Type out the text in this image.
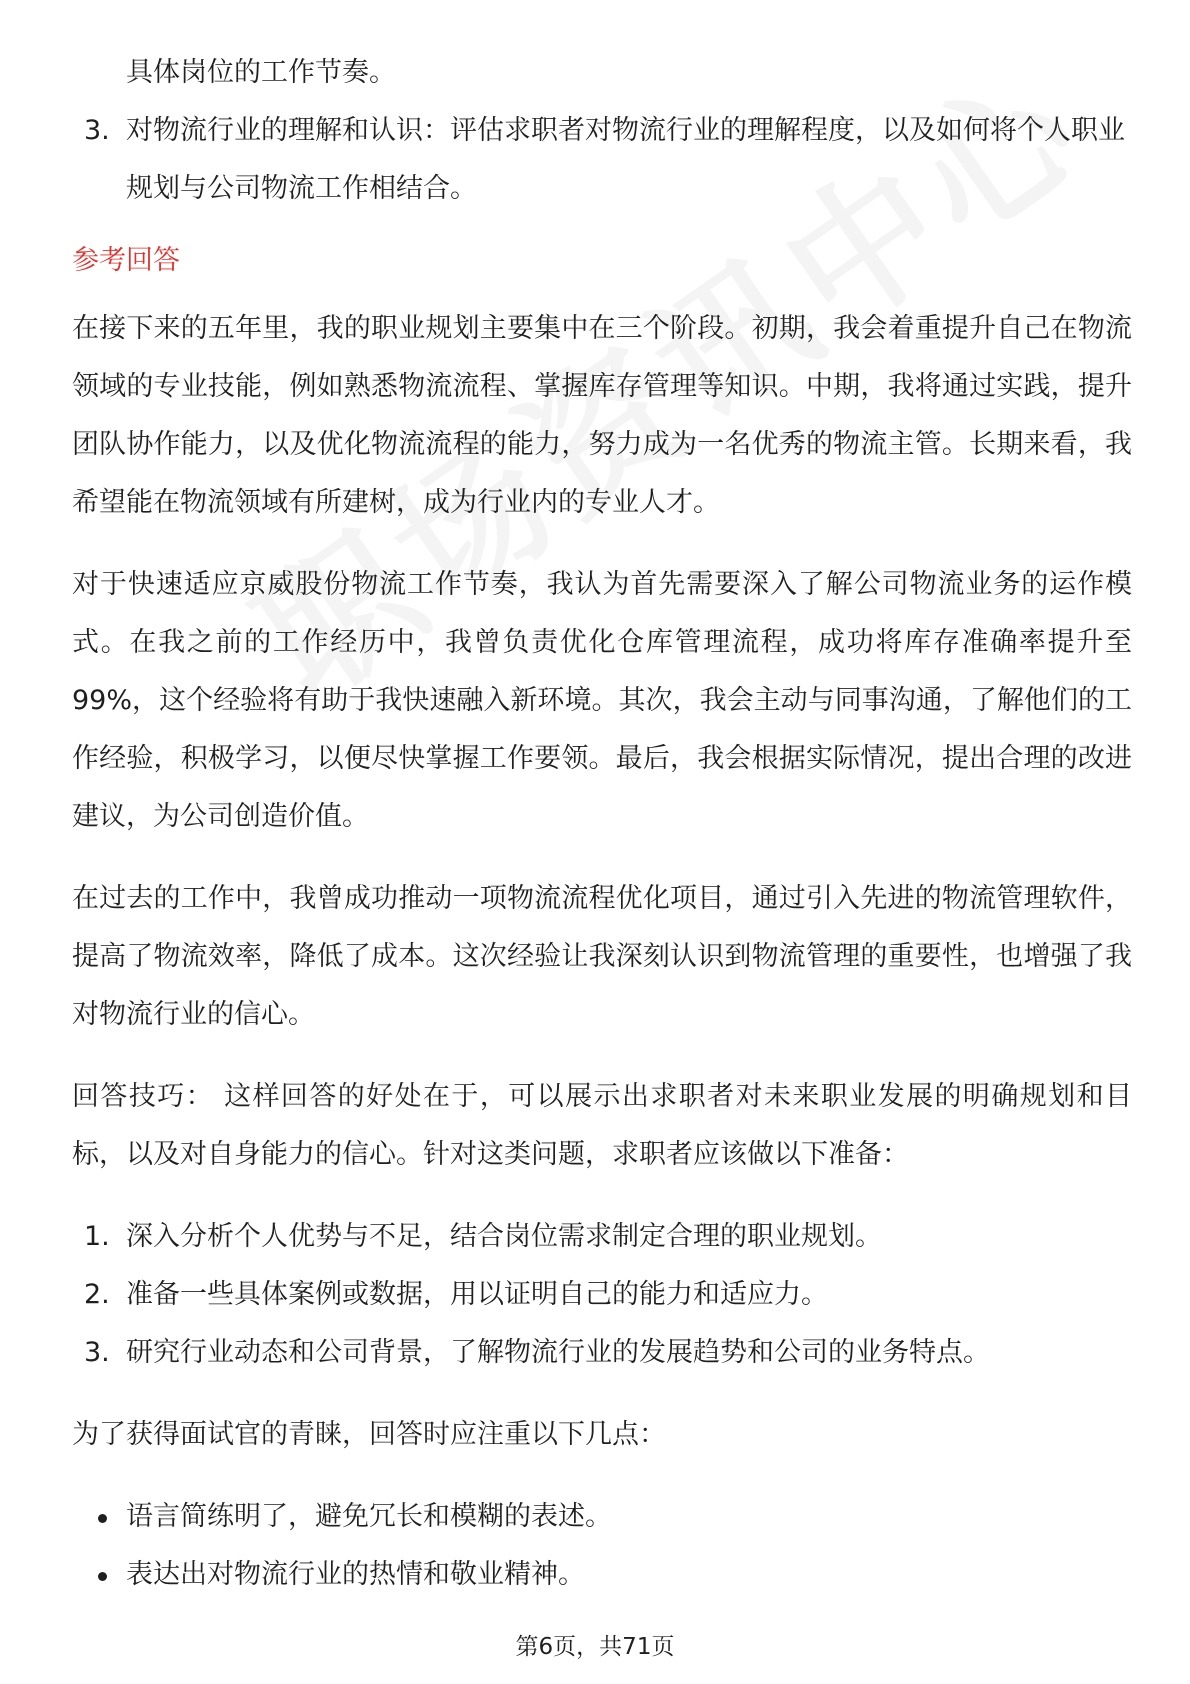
具体岗位的工作节奏。

3. 对物流行业的理解和认识：评估求职者对物流行业的理解程度，以及如何将个人职业规划与公司物流工作相结合。

参考回答

在接下来的五年里，我的职业规划主要集中在三个阶段。初期，我会着重提升自己在物流领域的专业技能，例如熟悉物流流程、掌握库存管理等知识。中期，我将通过实践，提升团队协作能力，以及优化物流流程的能力，努力成为一名优秀的物流主管。长期来看，我希望能在物流领域有所建树，成为行业内的专业人才。

对于快速适应京威股份物流工作节奏，我认为首先需要深入了解公司物流业务的运作模式。在我之前的工作经历中，我曾负责优化仓库管理流程，成功将库存准确率提升至99%，这个经验将有助于我快速融入新环境。其次，我会主动与同事沟通，了解他们的工作经验，积极学习，以便尽快掌握工作要领。最后，我会根据实际情况，提出合理的改进建议，为公司创造价值。

在过去的工作中，我曾成功推动一项物流流程优化项目，通过引入先进的物流管理软件，提高了物流效率，降低了成本。这次经验让我深刻认识到物流管理的重要性，也增强了我对物流行业的信心。

回答技巧： 这样回答的好处在于，可以展示出求职者对未来职业发展的明确规划和目标，以及对自身能力的信心。针对这类问题，求职者应该做以下准备：

1. 深入分析个人优势与不足，结合岗位需求制定合理的职业规划。
2. 准备一些具体案例或数据，用以证明自己的能力和适应力。
3. 研究行业动态和公司背景，了解物流行业的发展趋势和公司的业务特点。

为了获得面试官的青睐，回答时应注重以下几点：

语言简练明了，避免冗长和模糊的表述。
表达出对物流行业的热情和敬业精神。
第6页，共71页
